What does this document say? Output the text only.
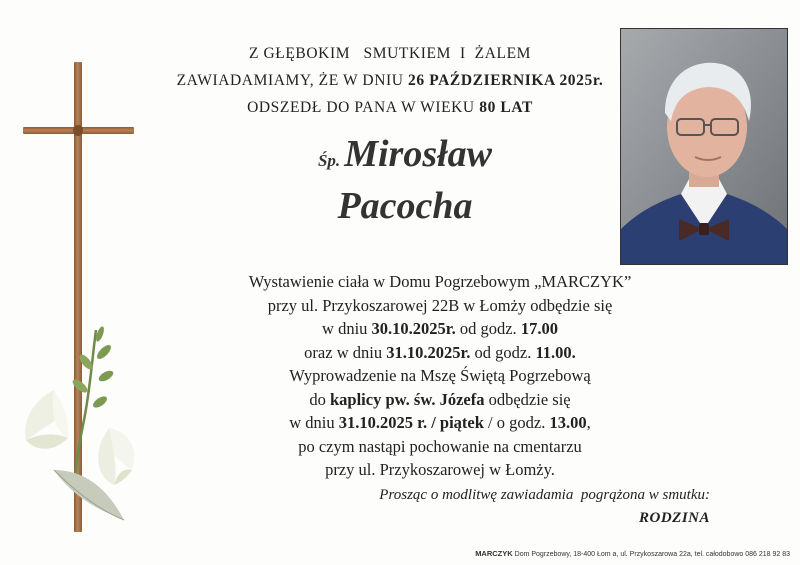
Z GŁĘBOKIM   SMUTKIEM  I  ŻALEM
ZAWIADAMIAMY, ŻE W DNIU 26 PAŹDZIERNIKA 2025r.
ODSZEDŁ DO PANA W WIEKU 80 LAT
Śp. Mirosław
Pacocha
Wystawienie ciała w Domu Pogrzebowym „MARCZYK”
przy ul. Przykoszarowej 22B w Łomży odbędzie się
w dniu 30.10.2025r. od godz. 17.00
oraz w dniu 31.10.2025r. od godz. 11.00.
Wyprowadzenie na Mszę Świętą Pogrzebową
do kaplicy pw. św. Józefa odbędzie się
w dniu 31.10.2025 r. / piątek / o godz. 13.00,
po czym nastąpi pochowanie na cmentarzu
przy ul. Przykoszarowej w Łomży.
Prosząc o modlitwę zawiadamia  pogrążona w smutku:
RODZINA
MARCZYK Dom Pogrzebowy, 18-400 Łom a, ul. Przykoszarowa 22a, tel. całodobowo 086 218 92 83
